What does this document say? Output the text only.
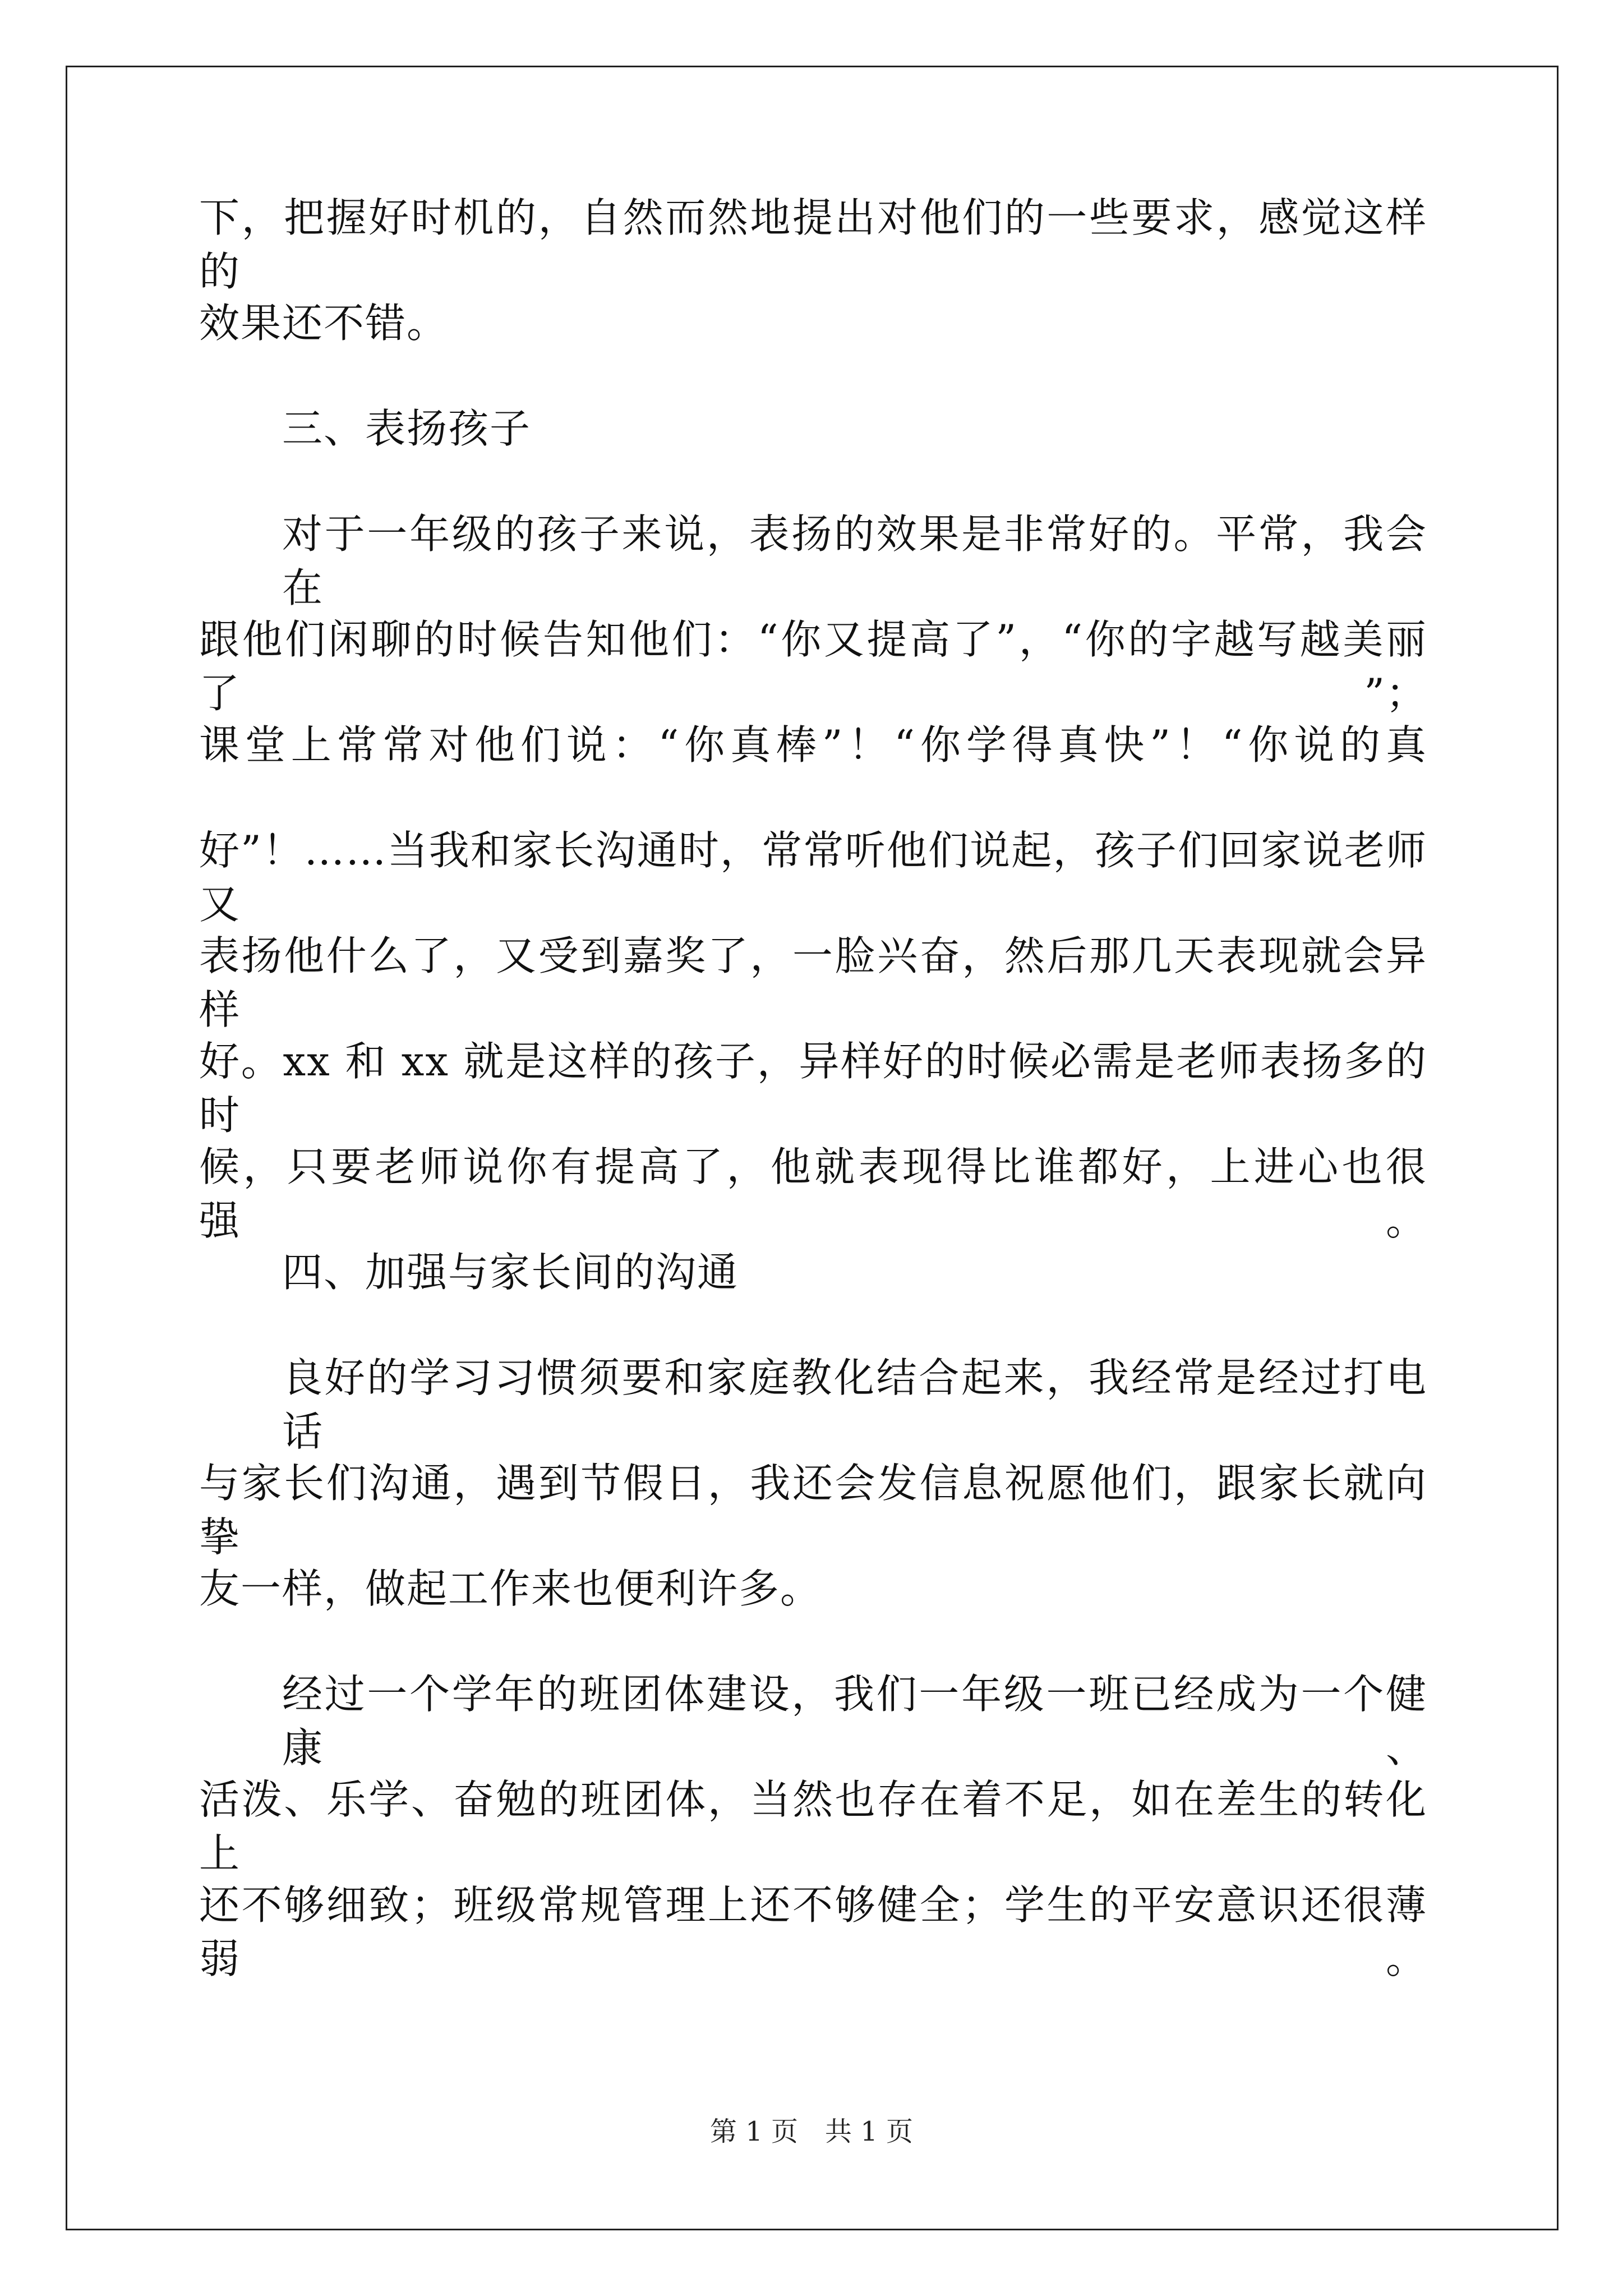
下，把握好时机的，自然而然地提出对他们的一些要求，感觉这样的
效果还不错。
三、表扬孩子
对于一年级的孩子来说，表扬的效果是非常好的。平常，我会在
跟他们闲聊的时候告知他们：“你又提高了”，“你的字越写越美丽了”；
课堂上常常对他们说：“你真棒”！“你学得真快”！“你说的真
好”！……当我和家长沟通时，常常听他们说起，孩子们回家说老师又
表扬他什么了，又受到嘉奖了，一脸兴奋，然后那几天表现就会异样
好。xx 和 xx 就是这样的孩子，异样好的时候必需是老师表扬多的时
候，只要老师说你有提高了，他就表现得比谁都好，上进心也很强。
四、加强与家长间的沟通
良好的学习习惯须要和家庭教化结合起来，我经常是经过打电话
与家长们沟通，遇到节假日，我还会发信息祝愿他们，跟家长就向挚
友一样，做起工作来也便利许多。
经过一个学年的班团体建设，我们一年级一班已经成为一个健康、
活泼、乐学、奋勉的班团体，当然也存在着不足，如在差生的转化上
还不够细致；班级常规管理上还不够健全；学生的平安意识还很薄弱。
第 1 页　共 1 页
